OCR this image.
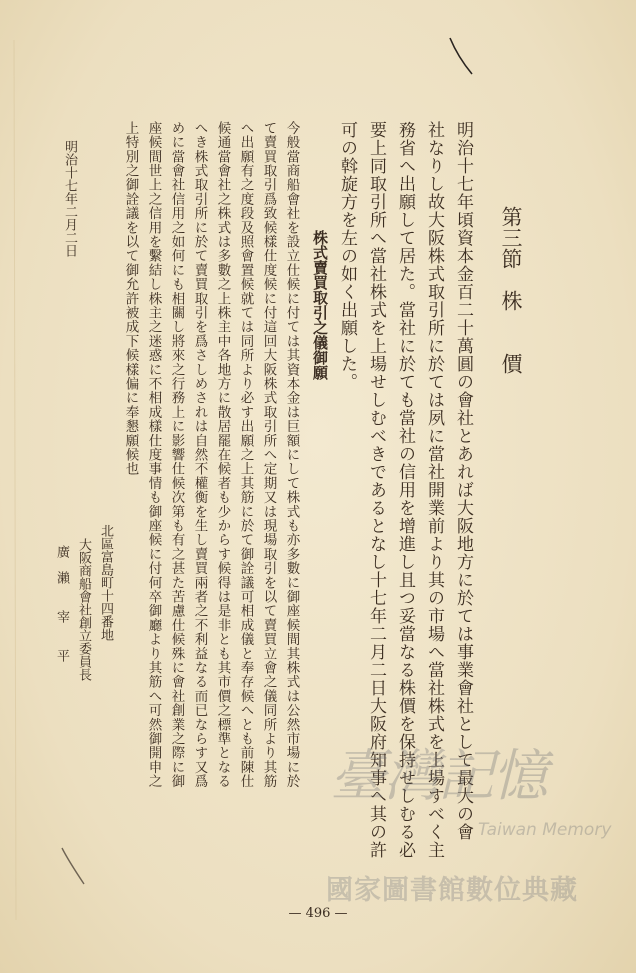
第三節　株　　價
明治十七年頃資本金百二十萬圓の會社とあれば大阪地方に於ては事業會社として最大の會
社なりし故大阪株式取引所に於ては夙に當社開業前より其の市場へ當社株式を上場すべく主
務省へ出願して居た。當社に於ても當社の信用を增進し且つ妥當なる株價を保持せしむる必
要上同取引所へ當社株式を上場せしむべきであるとなし十七年二月二日大阪府知事へ其の許
可の斡旋方を左の如く出願した。
株式賣買取引之儀御願
今般當商船會社を設立仕候に付ては其資本金は巨額にして株式も亦多數に御座候間其株式は公然市場に於
て賣買取引爲致候樣仕度候に付這回大阪株式取引所へ定期又は現場取引を以て賣買立會之儀同所より其筋
へ出願有之度段及照會置候就ては同所より必す出願之上其筋に於て御詮議可相成儀と奉存候へとも前陳仕
候通當會社之株式は多數之上株主中各地方に散居罷在候者も少からす候得は是非とも其市價之標準となる
へき株式取引所に於て賣買取引を爲さしめされは自然不權衡を生し賣買兩者之不利益なる而已ならす又爲
めに當會社信用之如何にも相關し將來之行務上に影響仕候次第も有之甚た苦慮仕候殊に會社創業之際に御
座候間世上之信用を繫結し株主之迷惑に不相成樣仕度事情も御座候に付何卒御廳より其筋へ可然御開申之
上特別之御詮議を以て御允許被成下候樣偏に奉懇願候也
北區富島町十四番地
大阪商船會社創立委員長
廣　瀨　　宰　　平
明治十七年二月二日
— 496 —
臺灣記憶
Taiwan Memory
國家圖書館數位典藏
